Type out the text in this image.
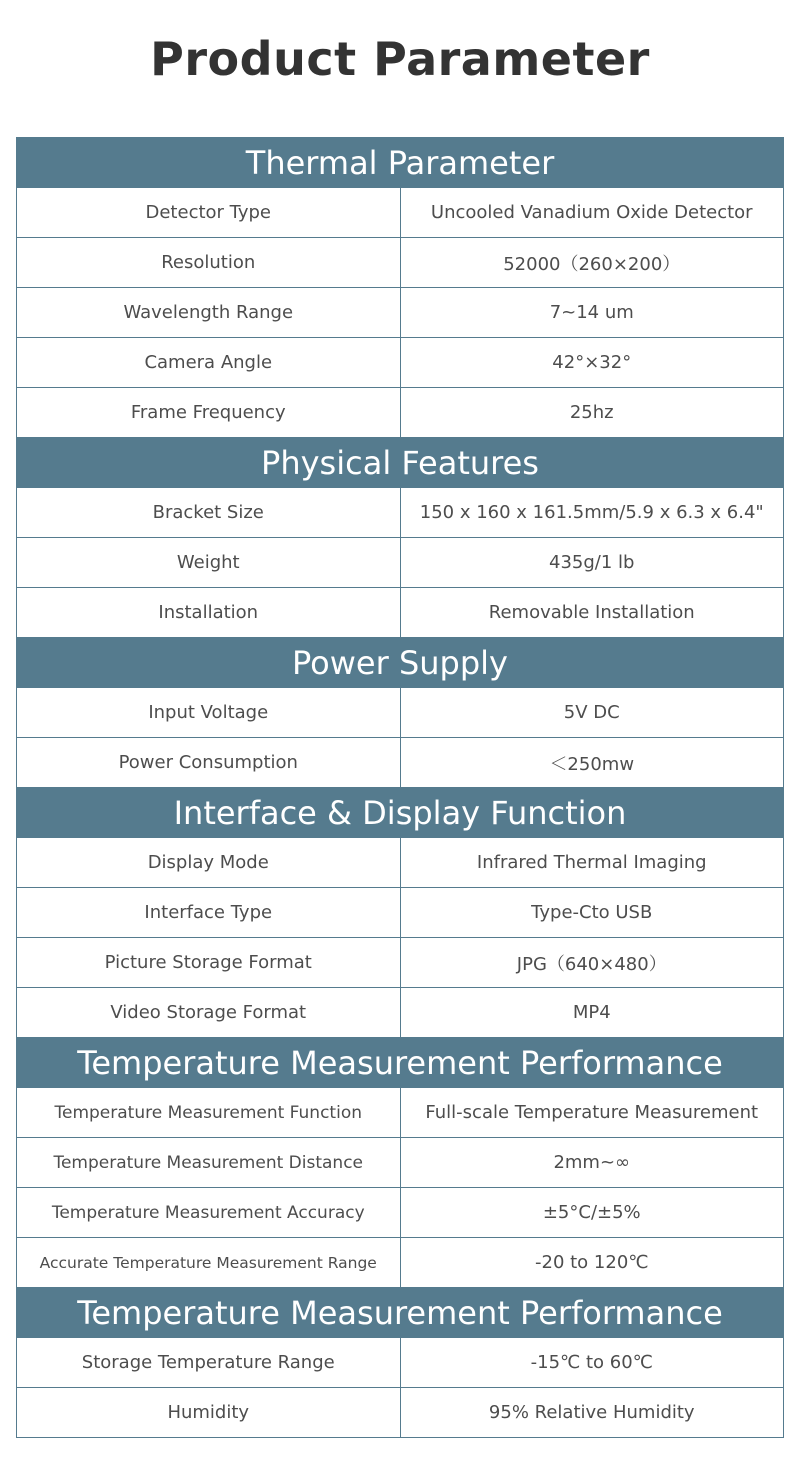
Product Parameter
Thermal Parameter	
Detector Type	Uncooled Vanadium Oxide Detector
Resolution	52000（260×200）
Wavelength Range	7~14 um
Camera Angle	42°×32°
Frame Frequency	25hz
Physical Features	
Bracket Size	150 x 160 x 161.5mm/5.9 x 6.3 x 6.4"
Weight	435g/1 lb
Installation	Removable Installation
Power Supply	
Input Voltage	5V DC
Power Consumption	＜250mw
Interface & Display Function	
Display Mode	Infrared Thermal Imaging
Interface Type	Type-Cto USB
Picture Storage Format	JPG（640×480）
Video Storage Format	MP4
Temperature Measurement Performance	
Temperature Measurement Function	Full-scale Temperature Measurement
Temperature Measurement Distance	2mm~∞
Temperature Measurement Accuracy	±5°C/±5%
Accurate Temperature Measurement Range	-20 to 120℃
Temperature Measurement Performance	
Storage Temperature Range	-15℃ to 60℃
Humidity	95% Relative Humidity
